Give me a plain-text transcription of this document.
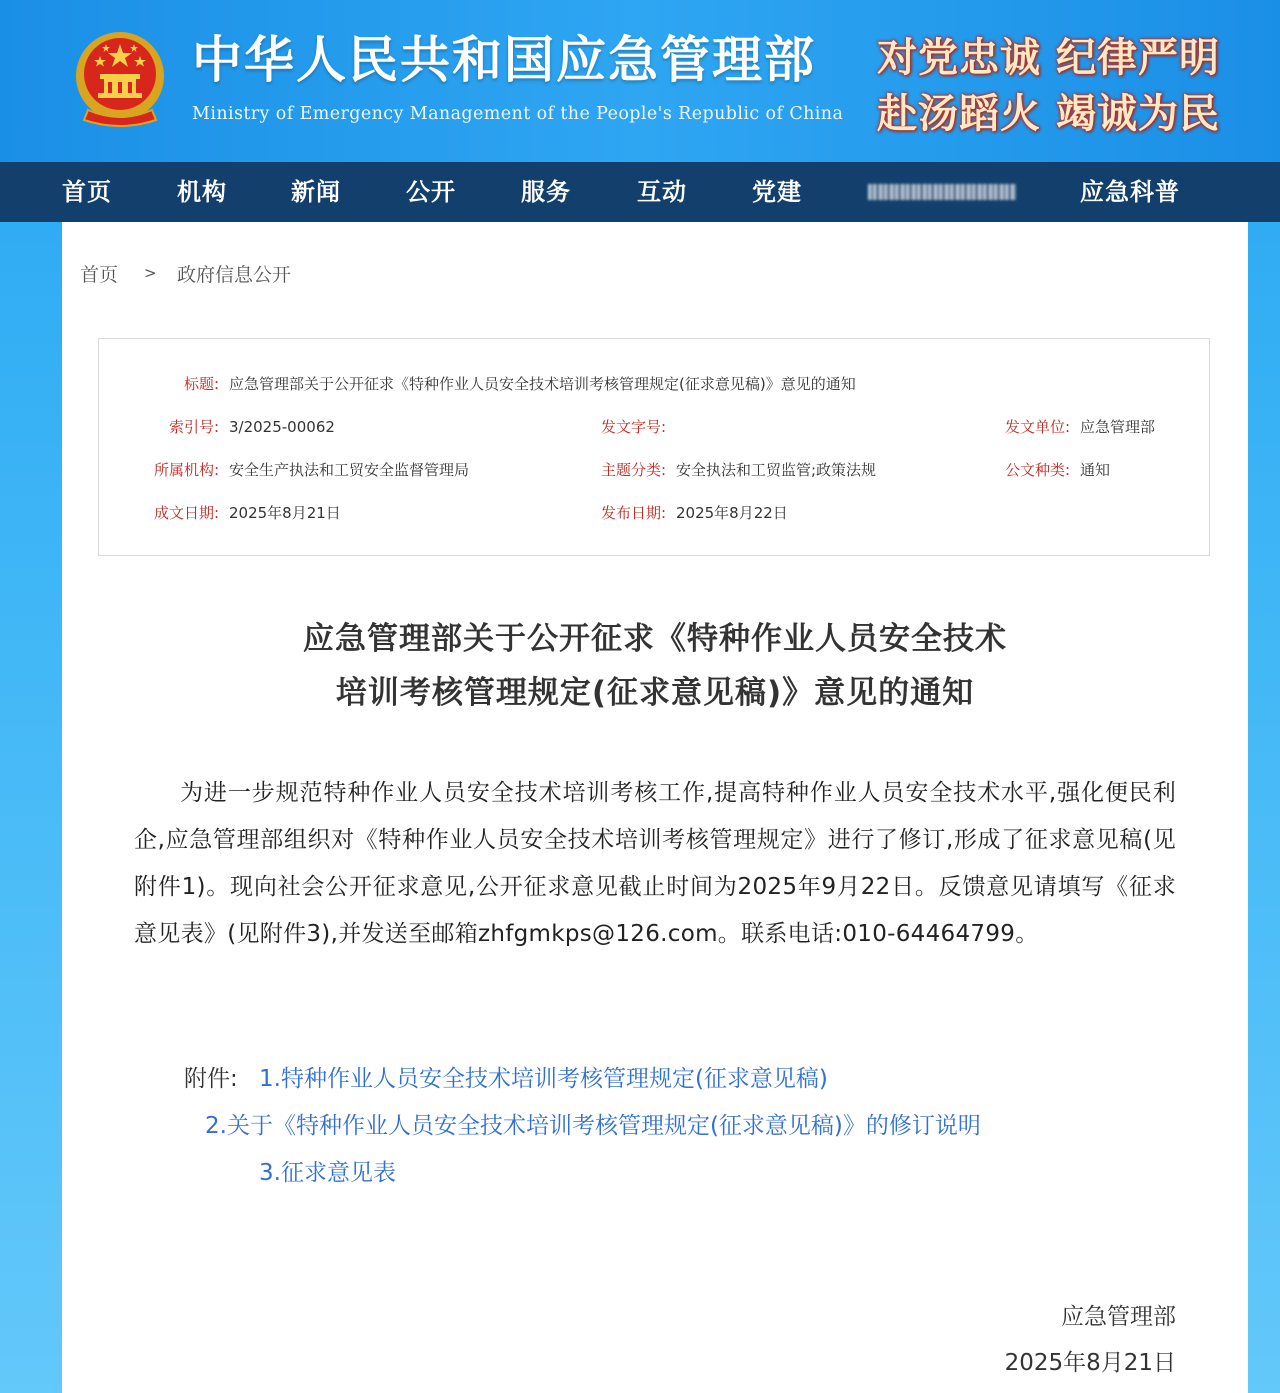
中华人民共和国应急管理部
Ministry of Emergency Management of the People's Republic of China
对党忠诚 纪律严明
赴汤蹈火 竭诚为民
首页	机构	新闻	公开	服务	互动	党建	应急科普
首页 > 政府信息公开
标题: 应急管理部关于公开征求《特种作业人员安全技术培训考核管理规定(征求意见稿)》意见的通知
索引号: 3/2025-00062	发文字号:	发文单位: 应急管理部
所属机构: 安全生产执法和工贸安全监督管理局	主题分类: 安全执法和工贸监管;政策法规	公文种类: 通知
成文日期: 2025年8月21日	发布日期: 2025年8月22日
应急管理部关于公开征求《特种作业人员安全技术
培训考核管理规定(征求意见稿)》意见的通知

为进一步规范特种作业人员安全技术培训考核工作,提高特种作业人员安全技术水平,强化便民利企,应急管理部组织对《特种作业人员安全技术培训考核管理规定》进行了修订,形成了征求意见稿(见附件1)。现向社会公开征求意见,公开征求意见截止时间为2025年9月22日。反馈意见请填写《征求意见表》(见附件3),并发送至邮箱zhfgmkps@126.com。联系电话:010-64464799。

附件: 1.特种作业人员安全技术培训考核管理规定(征求意见稿)
2.关于《特种作业人员安全技术培训考核管理规定(征求意见稿)》的修订说明
3.征求意见表
应急管理部
2025年8月21日
